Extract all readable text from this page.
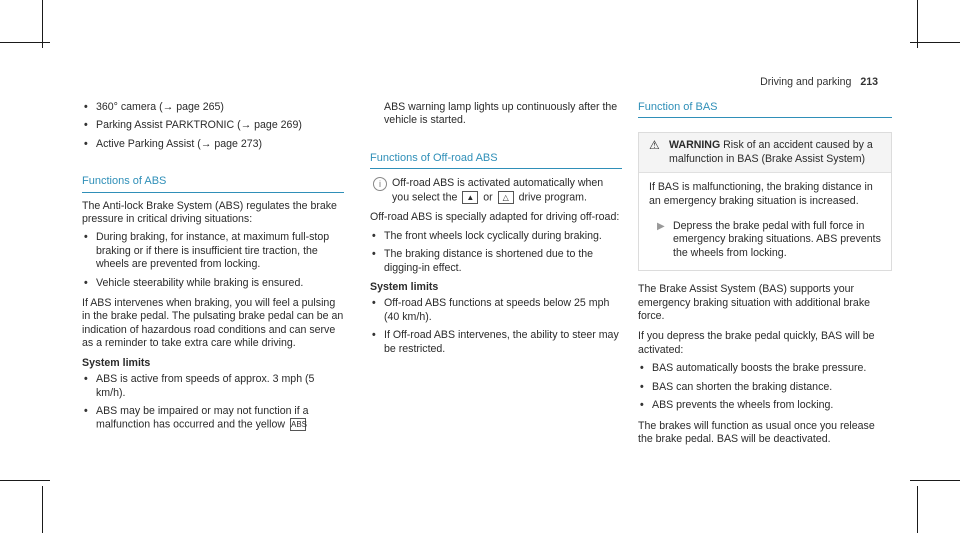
Driving and parking 213
• 360° camera (→ page 265)
• Parking Assist PARKTRONIC (→ page 269)
• Active Parking Assist (→ page 273)
Functions of ABS

The Anti-lock Brake System (ABS) regulates the brake pressure in critical driving situations:

• During braking, for instance, at maximum full-stop braking or if there is insufficient tire traction, the wheels are prevented from locking.
• Vehicle steerability while braking is ensured.

If ABS intervenes when braking, you will feel a pulsing in the brake pedal. The pulsating brake pedal can be an indication of hazardous road conditions and can serve as a reminder to take extra care while driving.

System limits
• ABS is active from speeds of approx. 3 mph (5 km/h).
• ABS may be impaired or may not function if a malfunction has occurred and the yellow ABS

ABS warning lamp lights up continuously after the vehicle is started.

Functions of Off-road ABS
i	Off-road ABS is activated automatically when you select the ▲ or △ drive program.

Off-road ABS is specially adapted for driving off-road:

• The front wheels lock cyclically during braking.
• The braking distance is shortened due to the digging-in effect.
System limits
• Off-road ABS functions at speeds below 25 mph (40 km/h).
• If Off-road ABS intervenes, the ability to steer may be restricted.
Function of BAS
⚠ WARNING Risk of an accident caused by a malfunction in BAS (Brake Assist System)
If BAS is malfunctioning, the braking distance in an emergency braking situation is increased.
▶ Depress the brake pedal with full force in emergency braking situations. ABS prevents the wheels from locking.

The Brake Assist System (BAS) supports your emergency braking situation with additional brake force.

If you depress the brake pedal quickly, BAS will be activated:

• BAS automatically boosts the brake pressure.
• BAS can shorten the braking distance.
• ABS prevents the wheels from locking.

The brakes will function as usual once you release the brake pedal. BAS will be deactivated.
